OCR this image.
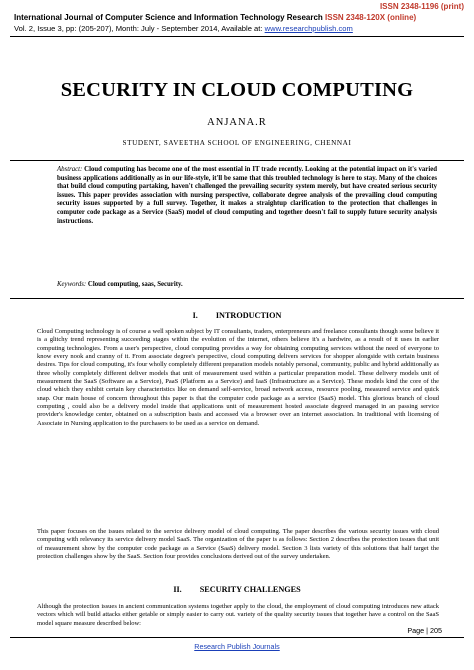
ISSN 2348-1196 (print)
International Journal of Computer Science and Information Technology Research ISSN 2348-120X (online)
Vol. 2, Issue 3, pp: (205-207), Month: July - September 2014, Available at: www.researchpublish.com
SECURITY IN CLOUD COMPUTING
ANJANA.R
STUDENT, SAVEETHA SCHOOL OF ENGINEERING, CHENNAI
Abstract: Cloud computing has become one of the most essential in IT trade recently. Looking at the potential impact on it's varied business applications additionally as in our life-style, it'll be same that this troubled technology is here to stay. Many of the choices that build cloud computing partaking, haven't challenged the prevailing security system merely, but have created serious security issues. This paper provides association with nursing perspective, collaborate degree analysis of the prevailing cloud computing security issues supported by a full survey. Together, it makes a straightup clarification to the protection that challenges in computer code package as a Service (SaaS) model of cloud computing and together doesn't fail to supply future security analysis instructions.
Keywords: Cloud computing, saas, Security.
I. INTRODUCTION
Cloud Computing technology is of course a well spoken subject by IT consultants, traders, enterpreneurs and freelance consultants though some believe it is a glitchy trend representing succeeding stages within the evolution of the internet, others believe it's a hardwire, as a result of it uses in earlier computing technologies. From a user's perspective, cloud computing provides a way for obtaining computing services without the need of everyone to know every nook and cranny of it. From associate degree's perspective, cloud computing delivers services for shopper alongside with certain business desires. Tips for cloud computing, it's four wholly completely different preparation models notably personal, community, public and hybrid additionally as three wholly completely different deliver models that unit of measurement used within a particular preparation model. These delivery models unit of measurement the SaaS (Software as a Service), PaaS (Platform as a Service) and IaaS (Infrastructure as a Service). These models kind the core of the cloud which they exhibit certain key characteristics like on demand self-service, broad network access, resource pooling, measured service and quick snap. Our main house of concern throughout this paper is that the computer code package as a service (SaaS) model. This glorious branch of cloud computing , could also be a delivery model inside that applications unit of measurement hosted associate degreed managed in an passing service provider's knowledge center, obtained on a subscription basis and accessed via a browser over an internet association. In traditional with licensing of Associate in Nursing application to the purchasers to be used as a service on demand.
This paper focuses on the issues related to the service delivery model of cloud computing. The paper describes the various security issues with cloud computing with relevancy its service delivery model SaaS. The organization of the paper is as follows: Section 2 describes the protection issues that unit of measurement show by the computer code package as a Service (SaaS) delivery model. Section 3 lists variety of this solutions that half target the protection challenges show by the SaaS. Section four provides conclusions derived out of the survey undertaken.
II. SECURITY CHALLENGES
Although the protection issues in ancient communication systems together apply to the cloud, the employment of cloud computing introduces new attack vectors which will build attacks either getable or simply easier to carry out. variety of the quality security issues that together have a control on the SaaS model square measure described below:
Page | 205
Research Publish Journals
